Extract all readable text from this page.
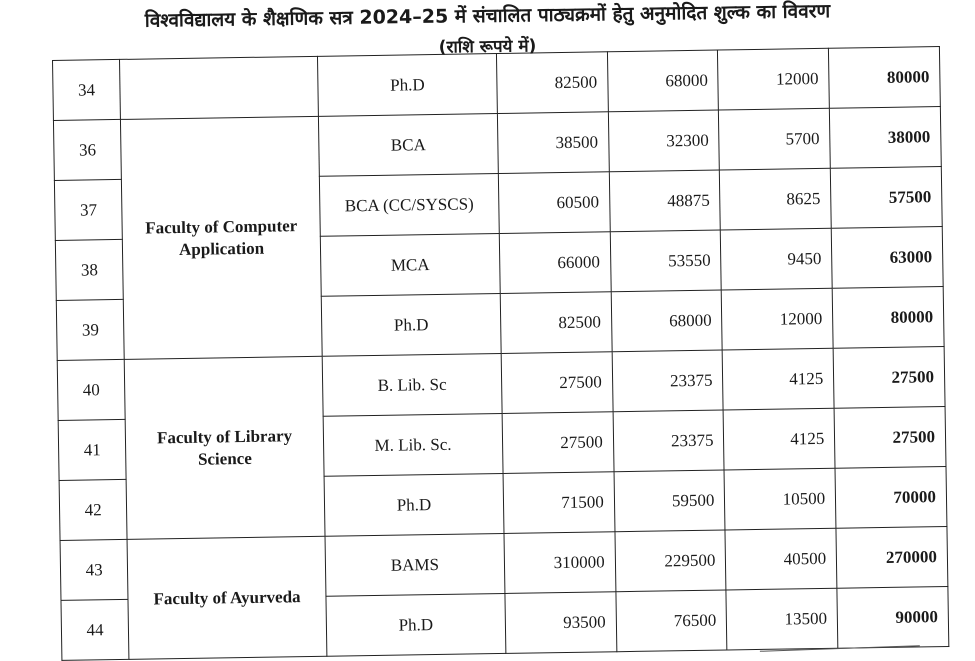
विश्वविद्यालय के शैक्षणिक सत्र 2024–25 में संचालित पाठ्यक्रमों हेतु अनुमोदित शुल्क का विवरण
(राशि रूपये में)
34		Ph.D	82500	68000	12000	80000
36	Faculty of Computer Application	BCA	38500	32300	5700	38000
37		BCA (CC/SYSCS)	60500	48875	8625	57500
38		MCA	66000	53550	9450	63000
39		Ph.D	82500	68000	12000	80000
40	Faculty of Library Science	B. Lib. Sc	27500	23375	4125	27500
41		M. Lib. Sc.	27500	23375	4125	27500
42		Ph.D	71500	59500	10500	70000
43	Faculty of Ayurveda	BAMS	310000	229500	40500	270000
44		Ph.D	93500	76500	13500	90000
